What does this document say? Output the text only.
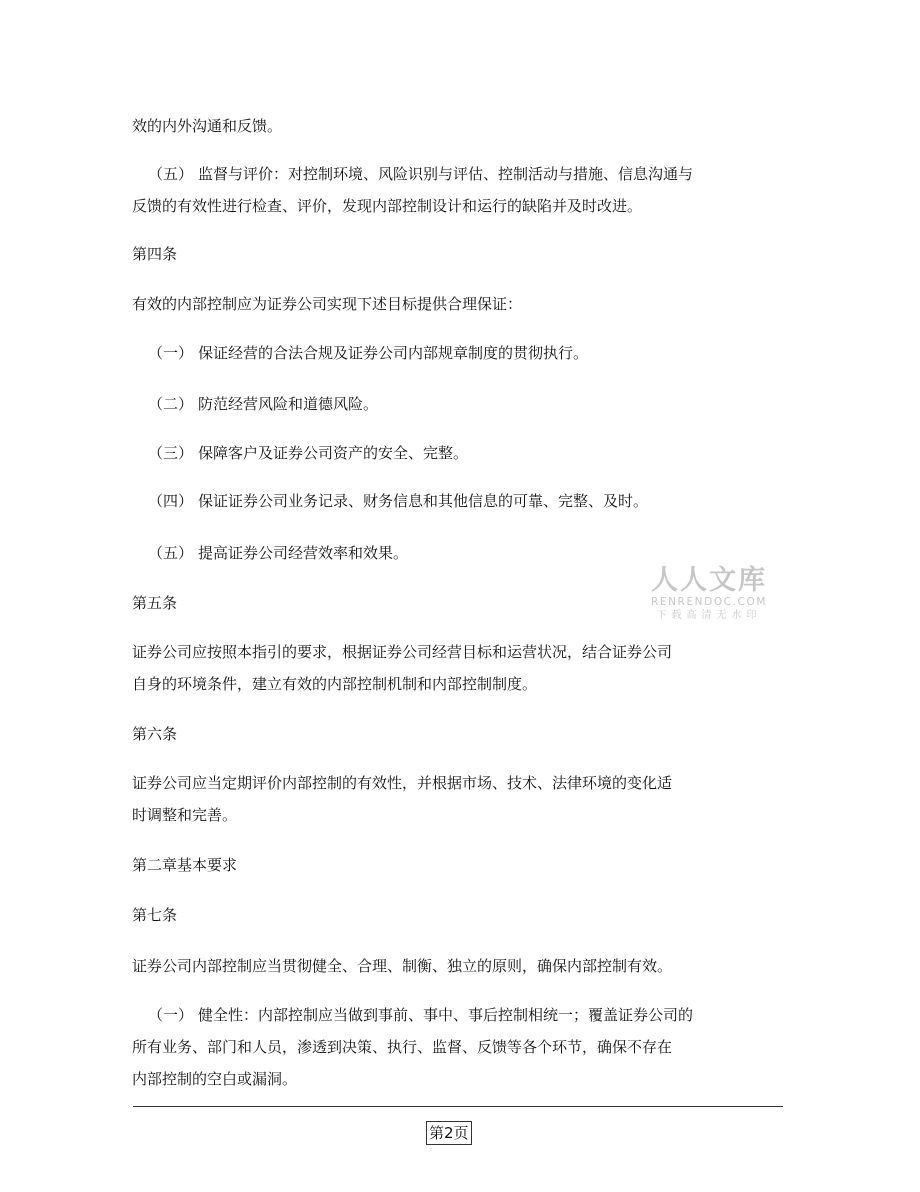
效的内外沟通和反馈。

（五） 监督与评价：对控制环境、风险识别与评估、控制活动与措施、信息沟通与

反馈的有效性进行检查、评价，发现内部控制设计和运行的缺陷并及时改进。

第四条

有效的内部控制应为证券公司实现下述目标提供合理保证：

（一） 保证经营的合法合规及证券公司内部规章制度的贯彻执行。

（二） 防范经营风险和道德风险。

（三） 保障客户及证券公司资产的安全、完整。

（四） 保证证券公司业务记录、财务信息和其他信息的可靠、完整、及时。

（五） 提高证券公司经营效率和效果。

第五条

证券公司应按照本指引的要求，根据证券公司经营目标和运营状况，结合证券公司

自身的环境条件，建立有效的内部控制机制和内部控制制度。

第六条

证券公司应当定期评价内部控制的有效性，并根据市场、技术、法律环境的变化适

时调整和完善。

第二章基本要求

第七条

证券公司内部控制应当贯彻健全、合理、制衡、独立的原则，确保内部控制有效。

（一） 健全性：内部控制应当做到事前、事中、事后控制相统一；覆盖证券公司的

所有业务、部门和人员，渗透到决策、执行、监督、反馈等各个环节，确保不存在

内部控制的空白或漏洞。

人人文库
RENRENDOC.COM
下载高清无水印
第2页
